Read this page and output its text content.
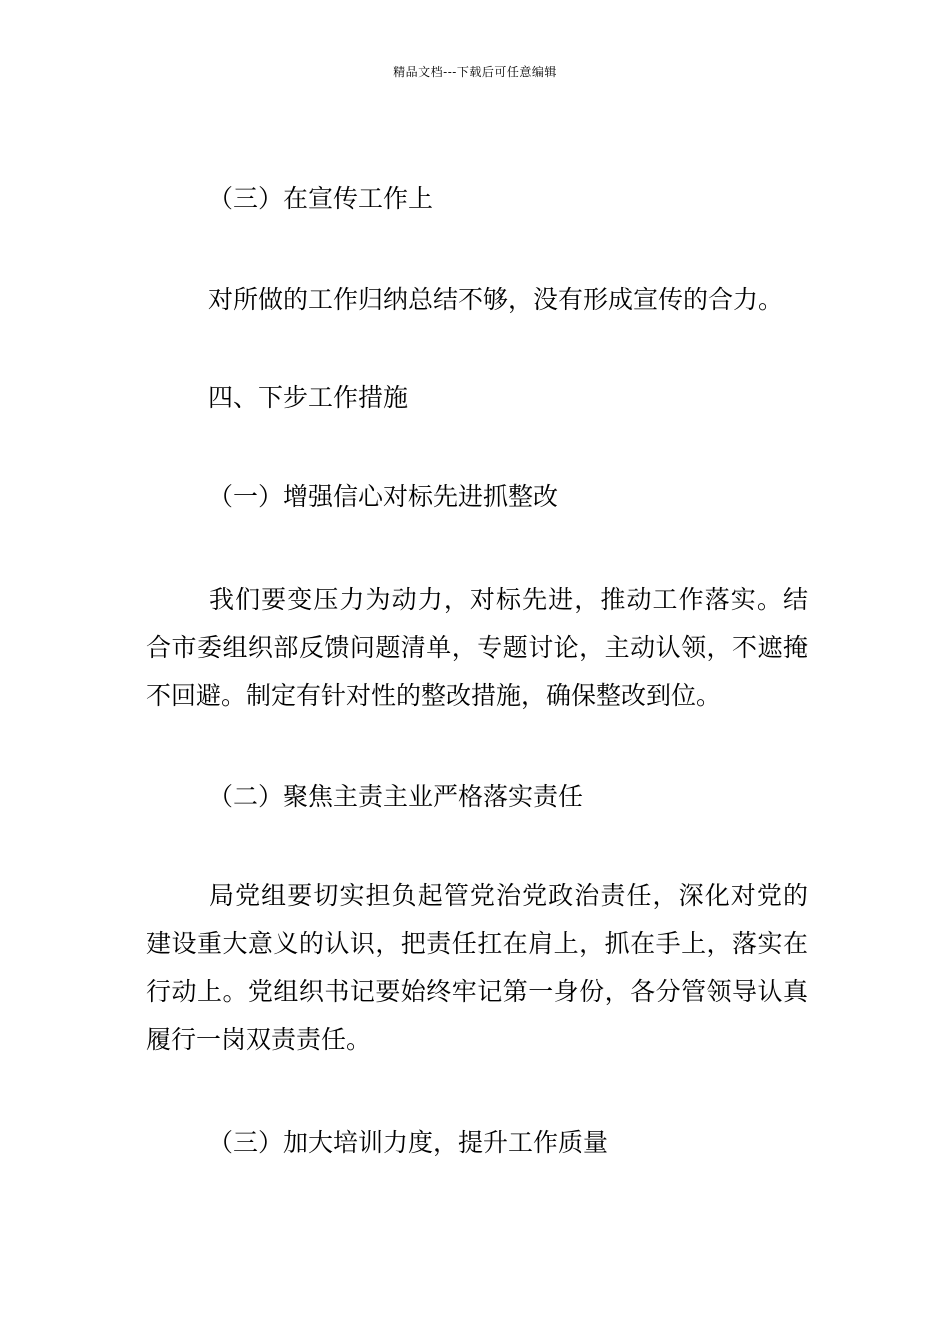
精品文档---下载后可任意编辑
（三）在宣传工作上
对所做的工作归纳总结不够，没有形成宣传的合力。
四、下步工作措施
（一）增强信心对标先进抓整改
我们要变压力为动力，对标先进，推动工作落实。结合市委组织部反馈问题清单，专题讨论，主动认领，不遮掩不回避。制定有针对性的整改措施，确保整改到位。
（二）聚焦主责主业严格落实责任
局党组要切实担负起管党治党政治责任，深化对党的建设重大意义的认识，把责任扛在肩上，抓在手上，落实在行动上。党组织书记要始终牢记第一身份，各分管领导认真履行一岗双责责任。
（三）加大培训力度，提升工作质量
